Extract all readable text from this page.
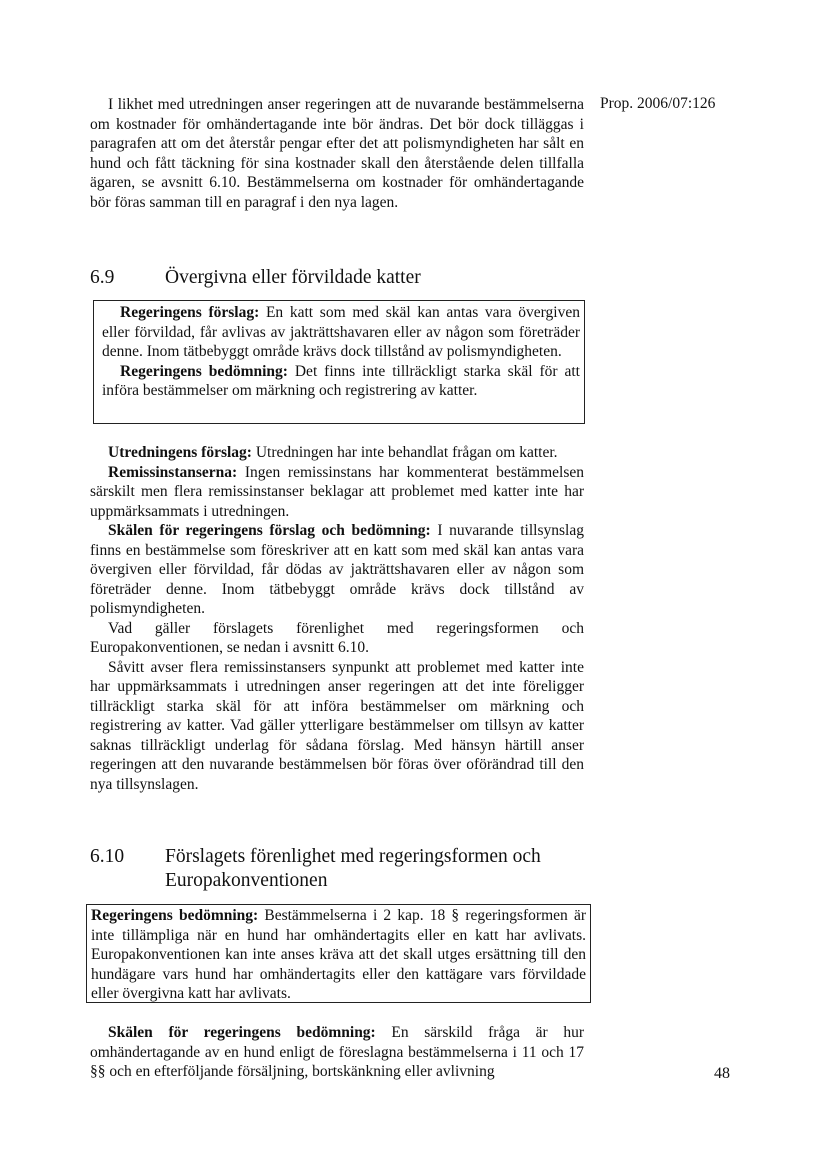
Prop. 2006/07:126

I likhet med utredningen anser regeringen att de nuvarande bestämmelserna om kostnader för omhändertagande inte bör ändras. Det bör dock tilläggas i paragrafen att om det återstår pengar efter det att polismyndigheten har sålt en hund och fått täckning för sina kostnader skall den återstående delen tillfalla ägaren, se avsnitt 6.10. Bestämmelserna om kostnader för omhändertagande bör föras samman till en paragraf i den nya lagen.

6.9	Övergivna eller förvildade katter

Regeringens förslag: En katt som med skäl kan antas vara övergiven eller förvildad, får avlivas av jakträttshavaren eller av någon som företräder denne. Inom tätbebyggt område krävs dock tillstånd av polismyndigheten.

Regeringens bedömning: Det finns inte tillräckligt starka skäl för att införa bestämmelser om märkning och registrering av katter.

Utredningens förslag: Utredningen har inte behandlat frågan om katter.

Remissinstanserna: Ingen remissinstans har kommenterat bestämmelsen särskilt men flera remissinstanser beklagar att problemet med katter inte har uppmärksammats i utredningen.

Skälen för regeringens förslag och bedömning: I nuvarande tillsynslag finns en bestämmelse som föreskriver att en katt som med skäl kan antas vara övergiven eller förvildad, får dödas av jakträttshavaren eller av någon som företräder denne. Inom tätbebyggt område krävs dock tillstånd av polismyndigheten.

Vad gäller förslagets förenlighet med regeringsformen och Europakonventionen, se nedan i avsnitt 6.10.

Såvitt avser flera remissinstansers synpunkt att problemet med katter inte har uppmärksammats i utredningen anser regeringen att det inte föreligger tillräckligt starka skäl för att införa bestämmelser om märkning och registrering av katter. Vad gäller ytterligare bestämmelser om tillsyn av katter saknas tillräckligt underlag för sådana förslag. Med hänsyn härtill anser regeringen att den nuvarande bestämmelsen bör föras över oförändrad till den nya tillsynslagen.

6.10 Förslagets förenlighet med regeringsformen och Europakonventionen

Regeringens bedömning: Bestämmelserna i 2 kap. 18 § regeringsformen är inte tillämpliga när en hund har omhändertagits eller en katt har avlivats. Europakonventionen kan inte anses kräva att det skall utges ersättning till den hundägare vars hund har omhändertagits eller den kattägare vars förvildade eller övergivna katt har avlivats.

Skälen för regeringens bedömning: En särskild fråga är hur omhändertagande av en hund enligt de föreslagna bestämmelserna i 11 och 17 §§ och en efterföljande försäljning, bortskänkning eller avlivning	48
